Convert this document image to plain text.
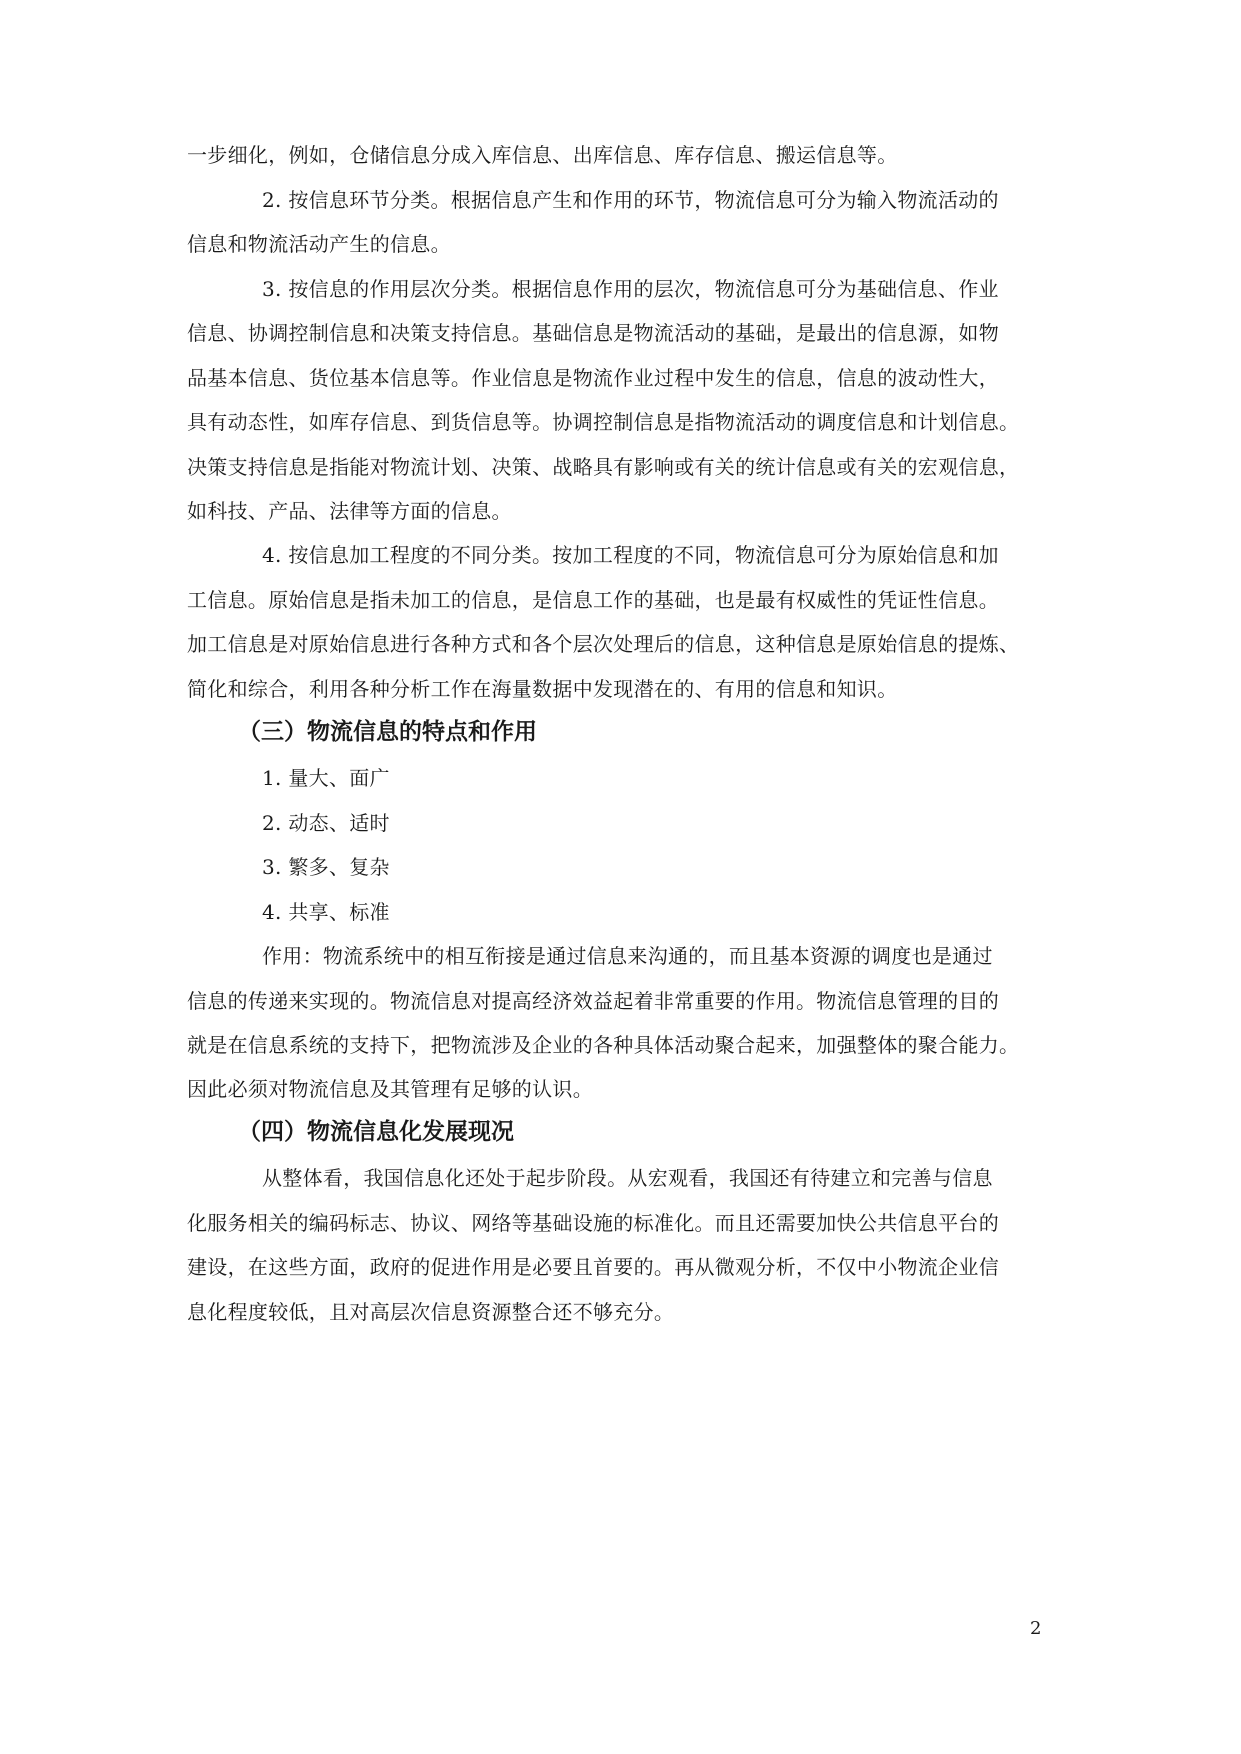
一步细化，例如，仓储信息分成入库信息、出库信息、库存信息、搬运信息等。
2. 按信息环节分类。根据信息产生和作用的环节，物流信息可分为输入物流活动的
信息和物流活动产生的信息。
3. 按信息的作用层次分类。根据信息作用的层次，物流信息可分为基础信息、作业
信息、协调控制信息和决策支持信息。基础信息是物流活动的基础，是最出的信息源，如物
品基本信息、货位基本信息等。作业信息是物流作业过程中发生的信息，信息的波动性大，
具有动态性，如库存信息、到货信息等。协调控制信息是指物流活动的调度信息和计划信息。
决策支持信息是指能对物流计划、决策、战略具有影响或有关的统计信息或有关的宏观信息，
如科技、产品、法律等方面的信息。
4. 按信息加工程度的不同分类。按加工程度的不同，物流信息可分为原始信息和加
工信息。原始信息是指未加工的信息，是信息工作的基础，也是最有权威性的凭证性信息。
加工信息是对原始信息进行各种方式和各个层次处理后的信息，这种信息是原始信息的提炼、
简化和综合，利用各种分析工作在海量数据中发现潜在的、有用的信息和知识。
（三）物流信息的特点和作用
1. 量大、面广
2. 动态、适时
3. 繁多、复杂
4. 共享、标准
作用：物流系统中的相互衔接是通过信息来沟通的，而且基本资源的调度也是通过
信息的传递来实现的。物流信息对提高经济效益起着非常重要的作用。物流信息管理的目的
就是在信息系统的支持下，把物流涉及企业的各种具体活动聚合起来，加强整体的聚合能力。
因此必须对物流信息及其管理有足够的认识。
（四）物流信息化发展现况
从整体看，我国信息化还处于起步阶段。从宏观看，我国还有待建立和完善与信息
化服务相关的编码标志、协议、网络等基础设施的标准化。而且还需要加快公共信息平台的
建设，在这些方面，政府的促进作用是必要且首要的。再从微观分析，不仅中小物流企业信
息化程度较低，且对高层次信息资源整合还不够充分。
2
